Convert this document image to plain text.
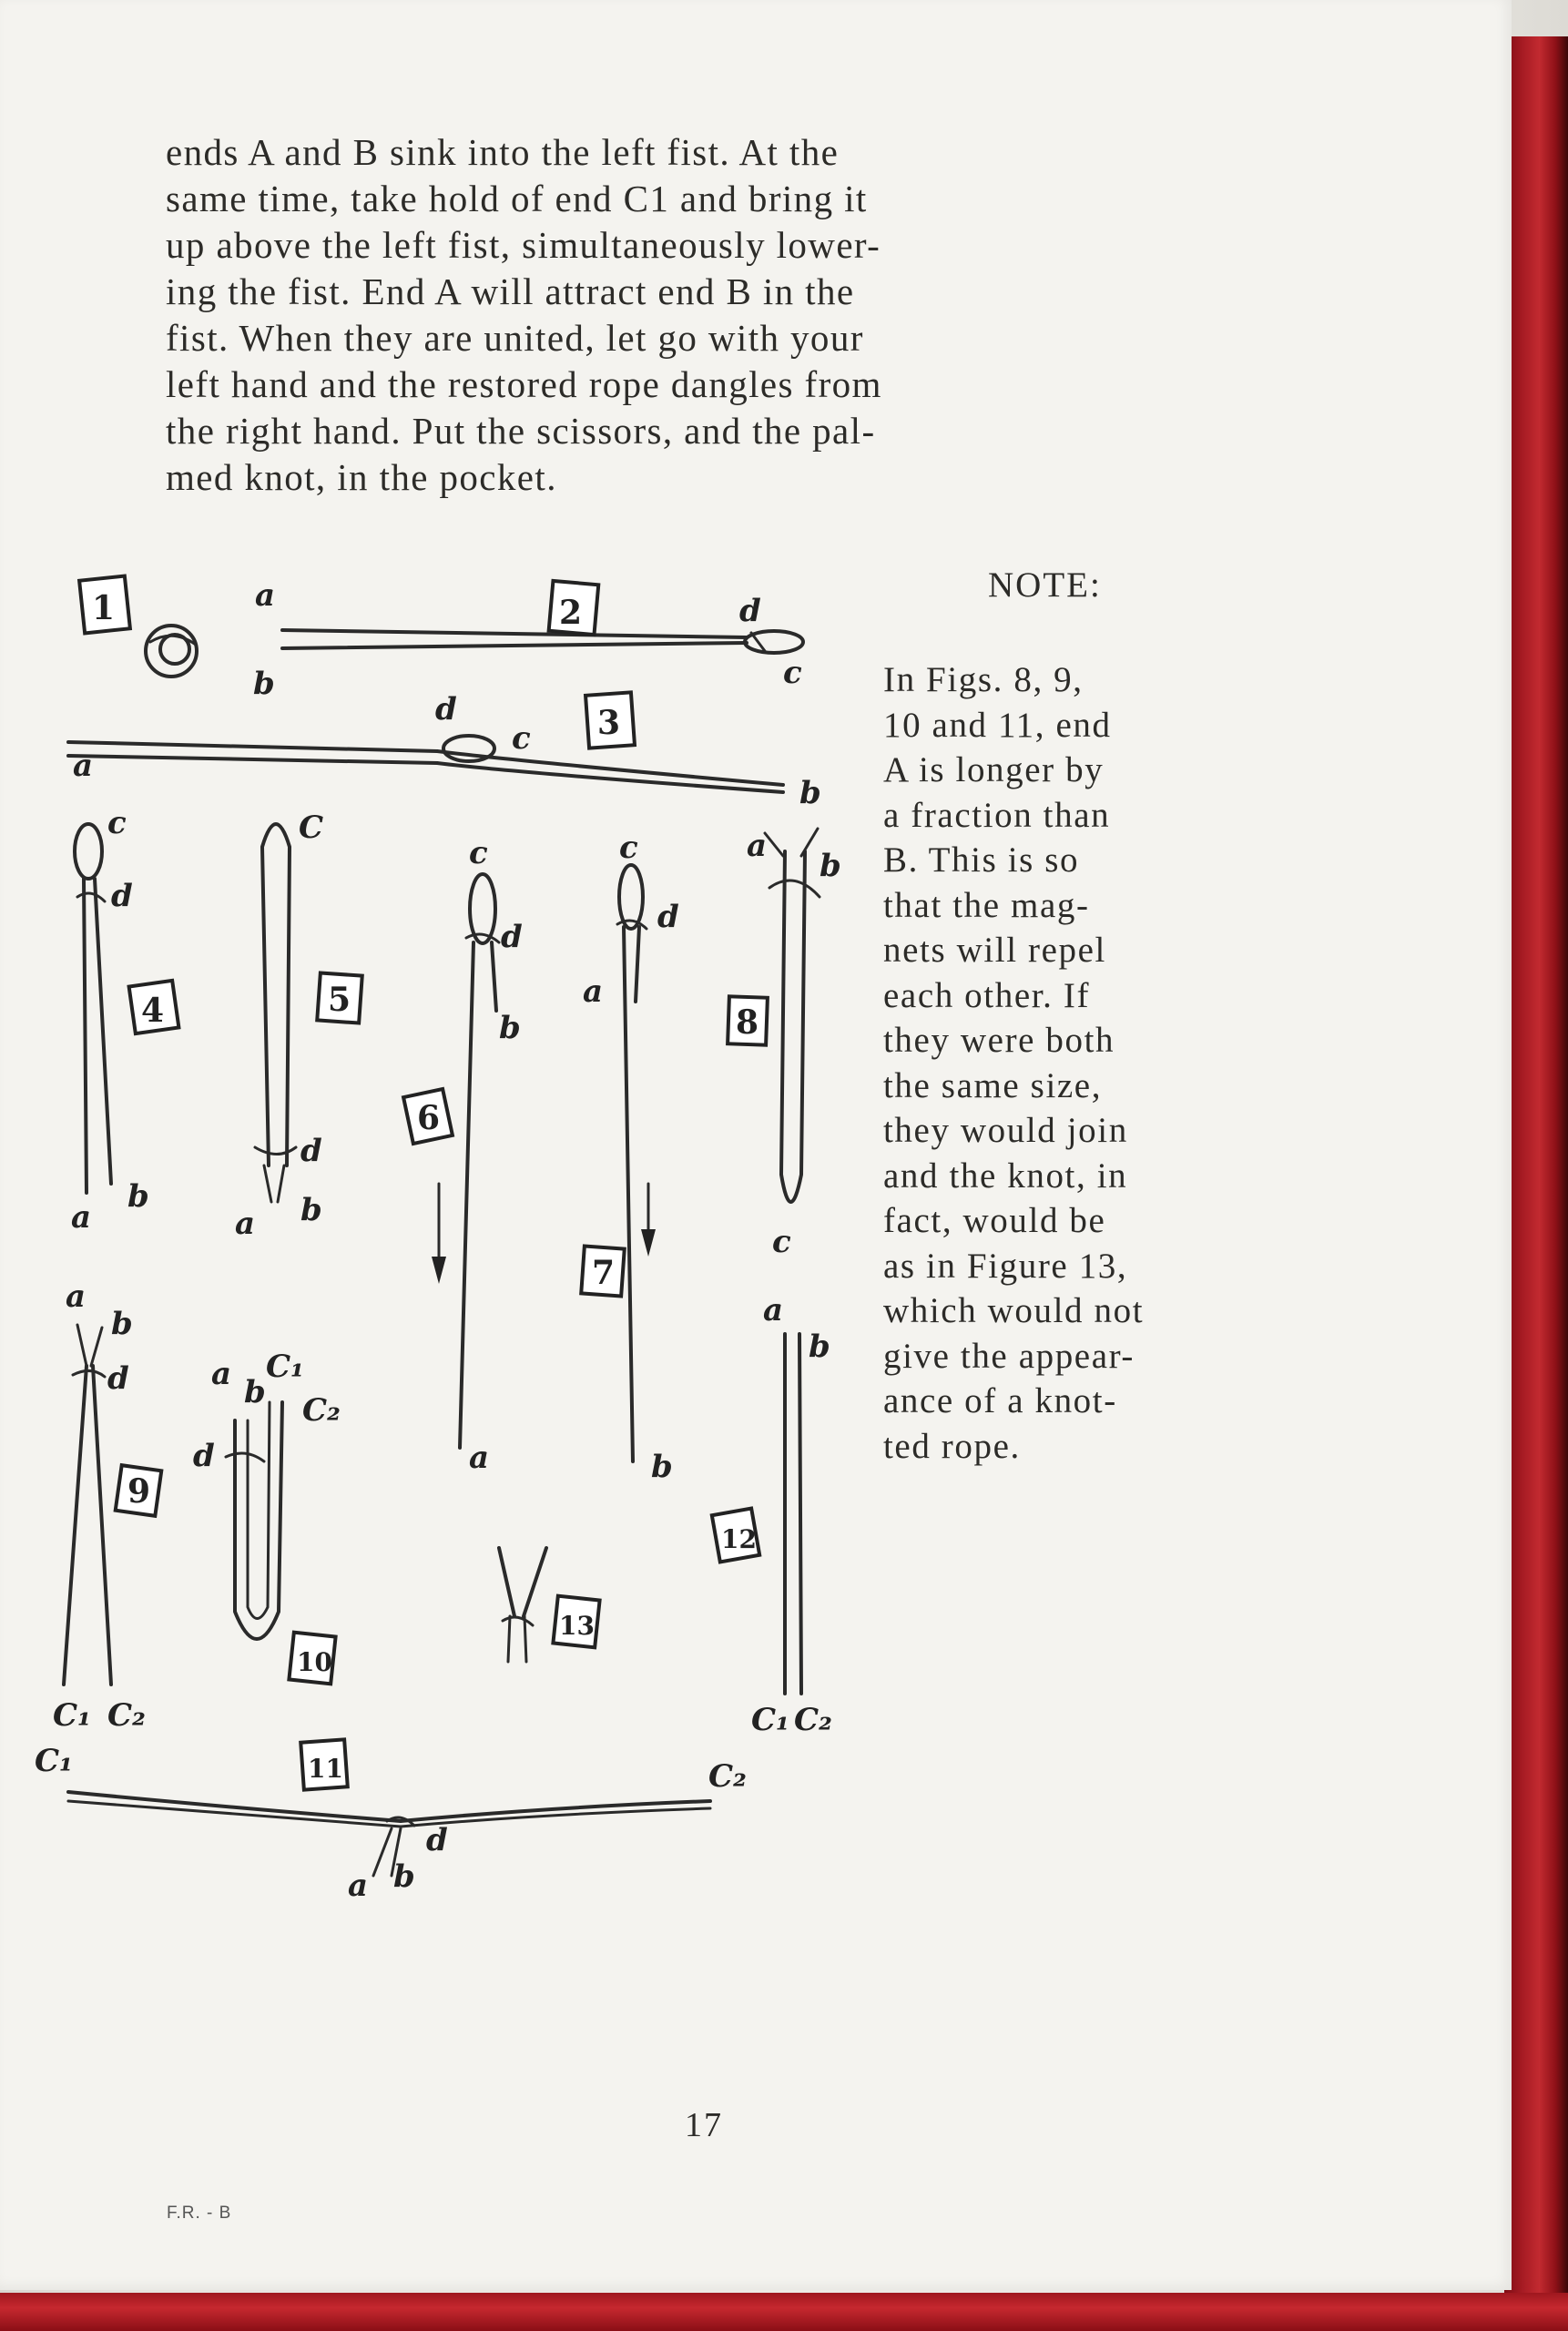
ends A and B sink into the left fist. At the
same time, take hold of end C1 and bring it
up above the left fist, simultaneously lower-
ing the fist. End A will attract end B in the
fist. When they are united, let go with your
left hand and the restored rope dangles from
the right hand. Put the scissors, and the pal-
med knot, in the pocket.

1	a
b
2	d
c
3
a
d
c
b
4
c
d
a
b
5
C
d
a b
6
c
d
b
a
7
c
d
a
b
8
a
b
c
9
a
b
d
C₁ C₂
10
a b
C₁
C₂
d
11
C₁	C₂
d
a b
12
a
b
C₁ C₂
13
NOTE:
In Figs. 8, 9,
10 and 11, end
A is longer by
a fraction than
B. This is so
that the mag-
nets will repel
each other. If
they were both
the same size,
they would join
and the knot, in
fact, would be
as in Figure 13,
which would not
give the appear-
ance of a knot-
ted rope.
17
F.R. - B
